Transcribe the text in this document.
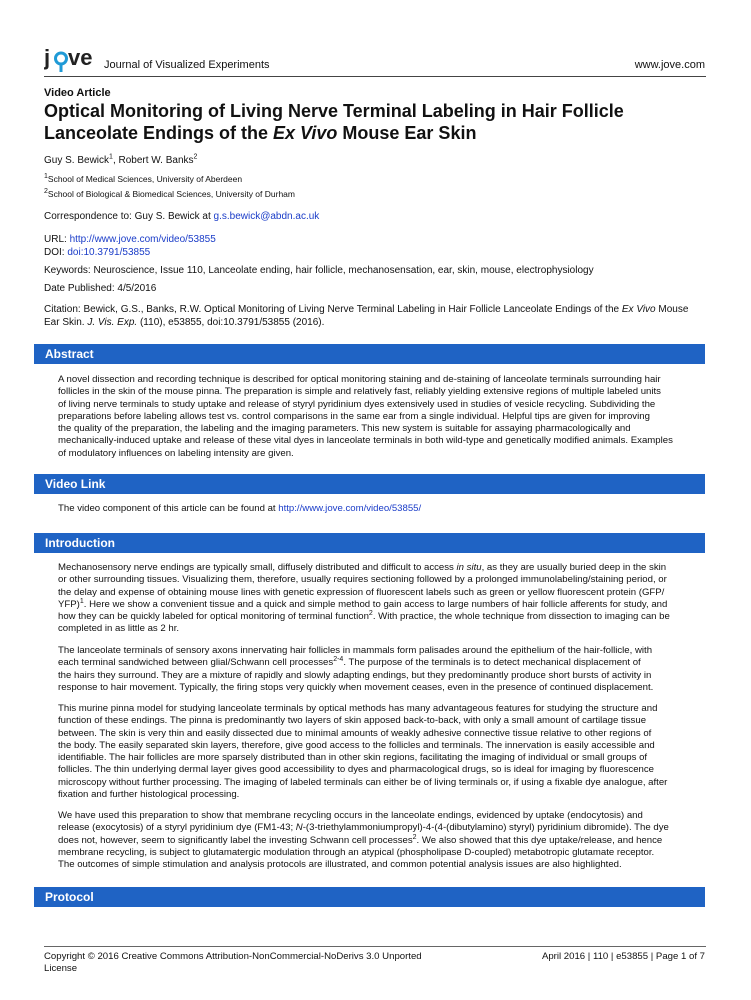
j ve Journal of Visualized Experiments	www.jove.com
Video Article
Optical Monitoring of Living Nerve Terminal Labeling in Hair Follicle
Lanceolate Endings of the Ex Vivo Mouse Ear Skin
Guy S. Bewick$^1$, Robert W. Banks$^2$
$^1$School of Medical Sciences, University of Aberdeen
$^2$School of Biological & Biomedical Sciences, University of Durham
Correspondence to: Guy S. Bewick at g.s.bewick@abdn.ac.uk
URL: http://www.jove.com/video/53855
DOI: doi:10.3791/53855
Keywords: Neuroscience, Issue 110, Lanceolate ending, hair follicle, mechanosensation, ear, skin, mouse, electrophysiology
Date Published: 4/5/2016
Citation: Bewick, G.S., Banks, R.W. Optical Monitoring of Living Nerve Terminal Labeling in Hair Follicle Lanceolate Endings of the Ex Vivo Mouse
Ear Skin. J. Vis. Exp. (110), e53855, doi:10.3791/53855 (2016).
Abstract
A novel dissection and recording technique is described for optical monitoring staining and de-staining of lanceolate terminals surrounding hair
follicles in the skin of the mouse pinna. The preparation is simple and relatively fast, reliably yielding extensive regions of multiple labeled units
of living nerve terminals to study uptake and release of styryl pyridinium dyes extensively used in studies of vesicle recycling. Subdividing the
preparations before labeling allows test vs. control comparisons in the same ear from a single individual. Helpful tips are given for improving
the quality of the preparation, the labeling and the imaging parameters. This new system is suitable for assaying pharmacologically and
mechanically-induced uptake and release of these vital dyes in lanceolate terminals in both wild-type and genetically modified animals. Examples
of modulatory influences on labeling intensity are given.
Video Link
The video component of this article can be found at http://www.jove.com/video/53855/
Introduction
Mechanosensory nerve endings are typically small, diffusely distributed and difficult to access in situ, as they are usually buried deep in the skin
or other surrounding tissues. Visualizing them, therefore, usually requires sectioning followed by a prolonged immunolabeling/staining period, or
the delay and expense of obtaining mouse lines with genetic expression of fluorescent labels such as green or yellow fluorescent protein (GFP/
YFP)$^1$. Here we show a convenient tissue and a quick and simple method to gain access to large numbers of hair follicle afferents for study, and
how they can be quickly labeled for optical monitoring of terminal function$^2$. With practice, the whole technique from dissection to imaging can be
completed in as little as 2 hr.
The lanceolate terminals of sensory axons innervating hair follicles in mammals form palisades around the epithelium of the hair-follicle, with
each terminal sandwiched between glial/Schwann cell processes$^{2-4}$. The purpose of the terminals is to detect mechanical displacement of
the hairs they surround. They are a mixture of rapidly and slowly adapting endings, but they predominantly produce short bursts of activity in
response to hair movement. Typically, the firing stops very quickly when movement ceases, even in the presence of continued displacement.
This murine pinna model for studying lanceolate terminals by optical methods has many advantageous features for studying the structure and
function of these endings. The pinna is predominantly two layers of skin apposed back-to-back, with only a small amount of cartilage tissue
between. The skin is very thin and easily dissected due to minimal amounts of weakly adhesive connective tissue relative to other regions of
the body. The easily separated skin layers, therefore, give good access to the follicles and terminals. The innervation is easily accessible and
identifiable. The hair follicles are more sparsely distributed than in other skin regions, facilitating the imaging of individual or small groups of
follicles. The thin underlying dermal layer gives good accessibility to dyes and pharmacological drugs, so is ideal for imaging by fluorescence
microscopy without further processing. The imaging of labeled terminals can either be of living terminals or, if using a fixable dye analogue, after
fixation and further histological processing.
We have used this preparation to show that membrane recycling occurs in the lanceolate endings, evidenced by uptake (endocytosis) and
release (exocytosis) of a styryl pyridinium dye (FM1-43; N-(3-triethylammoniumpropyl)-4-(4-(dibutylamino) styryl) pyridinium dibromide). The dye
does not, however, seem to significantly label the investing Schwann cell processes$^2$. We also showed that this dye uptake/release, and hence
membrane recycling, is subject to glutamatergic modulation through an atypical (phospholipase D-coupled) metabotropic glutamate receptor.
The outcomes of simple stimulation and analysis protocols are illustrated, and common potential analysis issues are also highlighted.
Protocol
Copyright © 2016 Creative Commons Attribution-NonCommercial-NoDerivs 3.0 Unported
License
April 2016 | 110 | e53855 | Page 1 of 7
